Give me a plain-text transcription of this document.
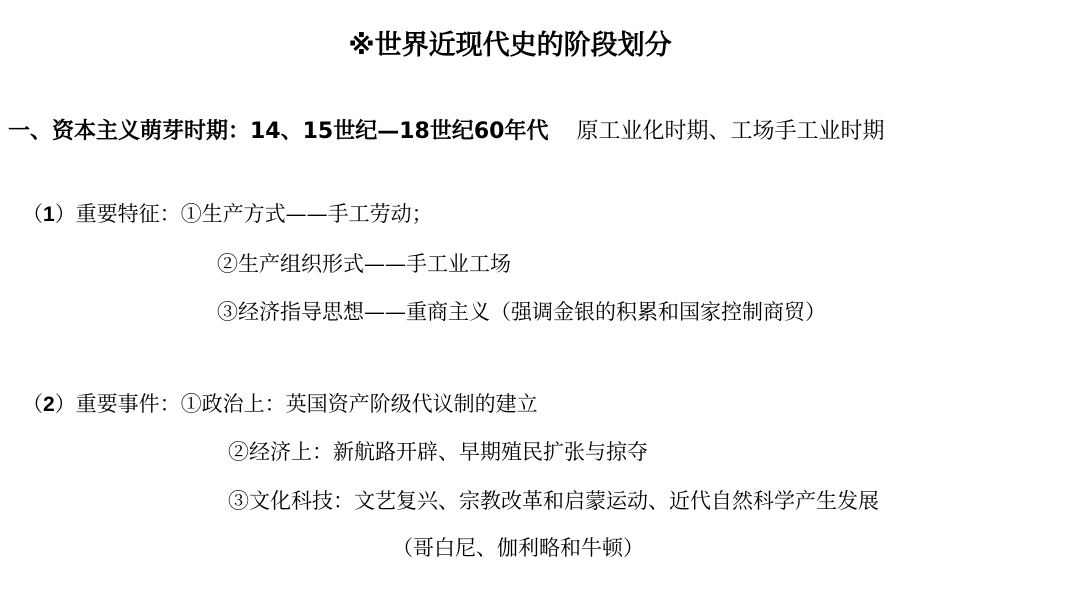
※世界近现代史的阶段划分
一、资本主义萌芽时期：14、15世纪—18世纪60年代 原工业化时期、工场手工业时期
（1）重要特征：①生产方式——手工劳动；
②生产组织形式——手工业工场
③经济指导思想——重商主义（强调金银的积累和国家控制商贸）
（2）重要事件：①政治上：英国资产阶级代议制的建立
②经济上：新航路开辟、早期殖民扩张与掠夺
③文化科技：文艺复兴、宗教改革和启蒙运动、近代自然科学产生发展
（哥白尼、伽利略和牛顿）
